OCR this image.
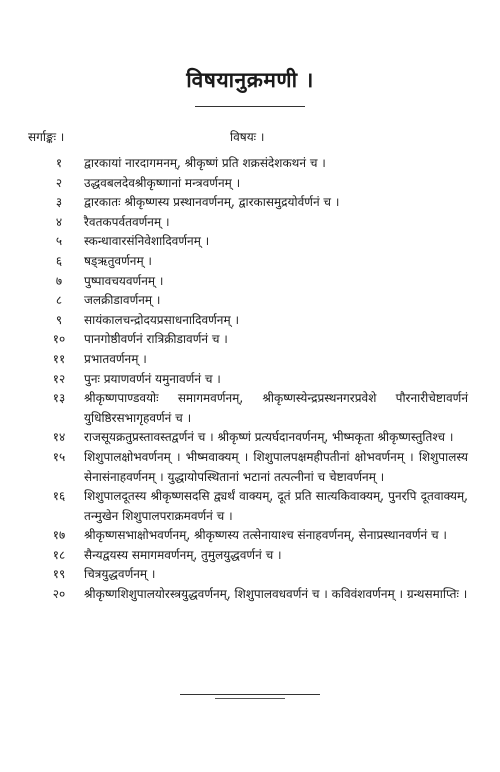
विषयानुक्रमणी ।
सर्गाङ्कः ।	विषयः ।
१	द्वारकायां नारदागमनम्, श्रीकृष्णं प्रति शक्रसंदेशकथनं च ।
२	उद्धवबलदेवश्रीकृष्णानां मन्त्रवर्णनम् ।
३	द्वारकातः श्रीकृष्णस्य प्रस्थानवर्णनम्, द्वारकासमुद्रयोर्वर्णनं च ।
४	रैवतकपर्वतवर्णनम् ।
५	स्कन्धावारसंनिवेशादिवर्णनम् ।
६	षड्ऋतुवर्णनम् ।
७	पुष्पावचयवर्णनम् ।
८	जलक्रीडावर्णनम् ।
९	सायंकालचन्द्रोदयप्रसाधनादिवर्णनम् ।
१०	पानगोष्ठीवर्णनं रात्रिक्रीडावर्णनं च ।
११	प्रभातवर्णनम् ।
१२	पुनः प्रयाणवर्णनं यमुनावर्णनं च ।
१३	श्रीकृष्णपाण्डवयोः समागमवर्णनम्, श्रीकृष्णस्येन्द्रप्रस्थनगरप्रवेशे पौरनारीचेष्टावर्णनं युधिष्ठिरसभागृहवर्णनं च ।
१४	राजसूयक्रतुप्रस्तावस्तद्वर्णनं च । श्रीकृष्णं प्रत्यर्घदानवर्णनम्, भीष्मकृता श्रीकृष्णस्तुतिश्च ।
१५	शिशुपालक्षोभवर्णनम् । भीष्मवाक्यम् । शिशुपालपक्षमहीपतीनां क्षोभवर्णनम् । शिशुपालस्य सेनासंनाहवर्णनम् । युद्धायोपस्थितानां भटानां तत्पत्नीनां च चेष्टावर्णनम् ।
१६	शिशुपालदूतस्य श्रीकृष्णसदसि द्व्यर्थं वाक्यम्, दूतं प्रति सात्यकिवाक्यम्, पुनरपि दूतवाक्यम्, तन्मुखेन शिशुपालपराक्रमवर्णनं च ।
१७	श्रीकृष्णसभाक्षोभवर्णनम्, श्रीकृष्णस्य तत्सेनायाश्च संनाहवर्णनम्, सेनाप्रस्थानवर्णनं च ।
१८	सैन्यद्वयस्य समागमवर्णनम्, तुमुलयुद्धवर्णनं च ।
१९	चित्रयुद्धवर्णनम् ।
२०	श्रीकृष्णशिशुपालयोरस्त्रयुद्धवर्णनम्, शिशुपालवधवर्णनं च । कविवंशवर्णनम् । ग्रन्थसमाप्तिः ।
